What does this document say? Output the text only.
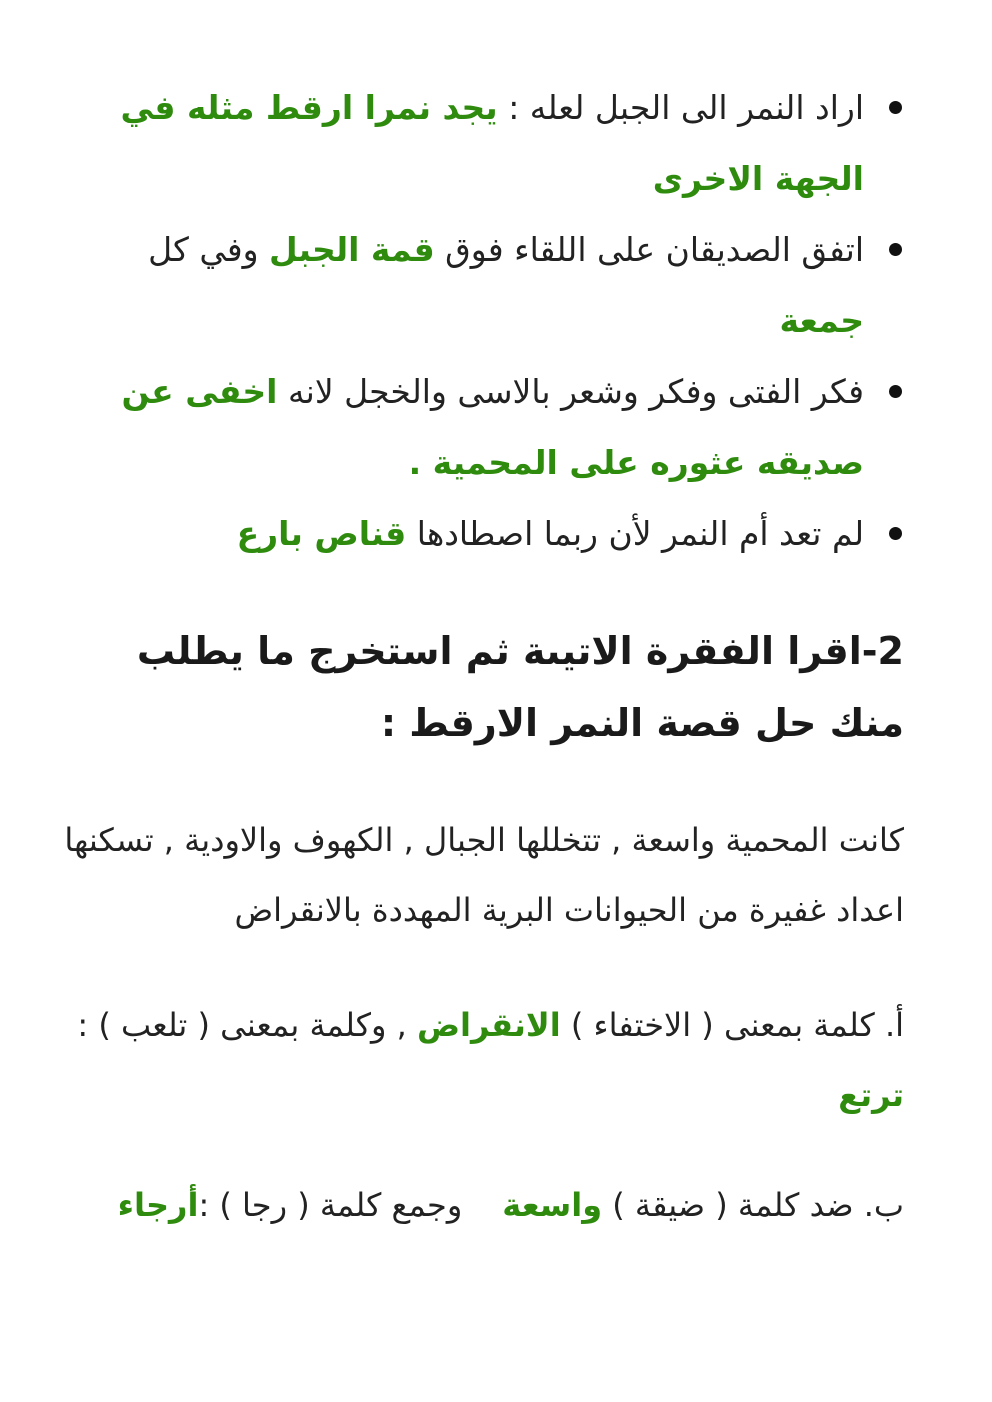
اراد النمر الى الجبل لعله : يجد نمرا ارقط مثله في الجهة الاخرى
اتفق الصديقان على اللقاء فوق قمة الجبل وفي كل جمعة
فكر الفتى وفكر وشعر بالاسى والخجل لانه اخفى عن صديقه عثوره على المحمية .
لم تعد أم النمر لأن ربما اصطادها قناص بارع
2-اقرا الفقرة الاتيىة ثم استخرج ما يطلب منك حل قصة النمر الارقط :

كانت المحمية واسعة , تتخللها الجبال , الكهوف والاودية , تسكنها اعداد غفيرة من الحيوانات البرية المهددة بالانقراض

أ. كلمة بمعنى ( الاختفاء ) الانقراض , وكلمة بمعنى ( تلعب ) : ترتع

ب. ضد كلمة ( ضيقة ) واسعةوجمع كلمة ( رجا ) :أرجاء
